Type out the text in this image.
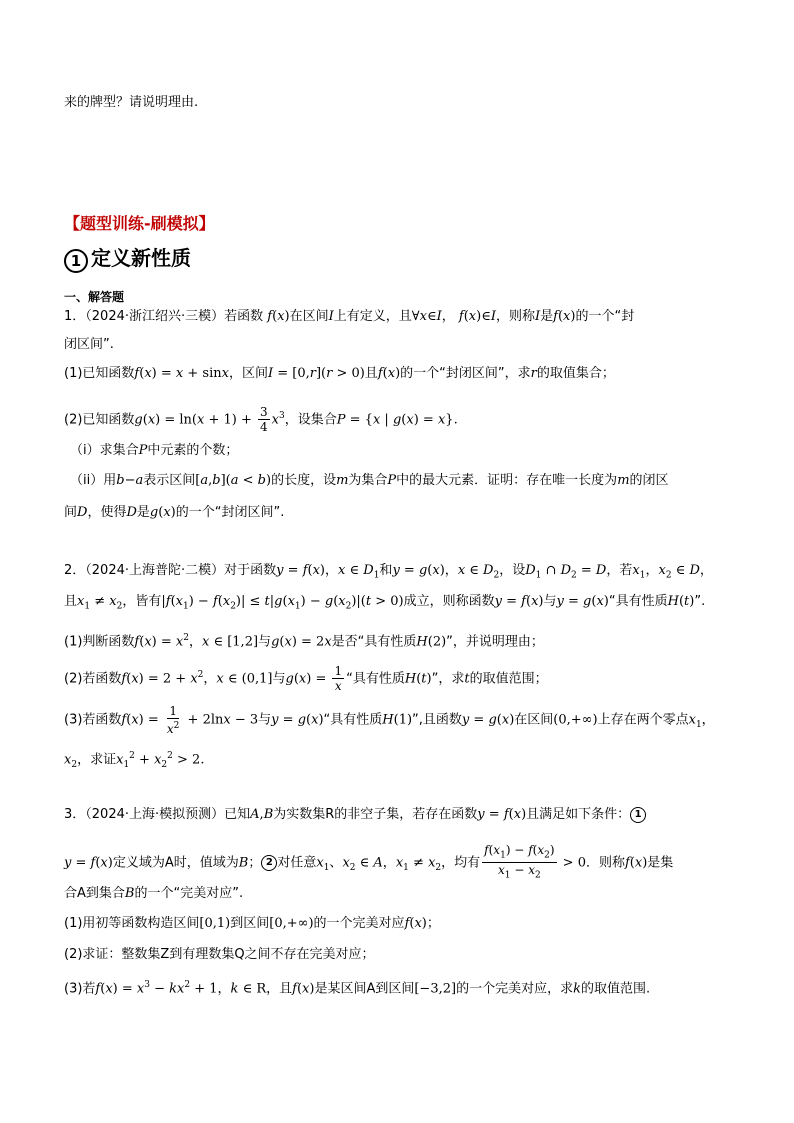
来的牌型？请说明理由.
【题型训练-刷模拟】
1 定义新性质
一、解答题
1．（2024·浙江绍兴·三模）若函数 f(x)在区间I上有定义，且∀x∈I， f(x)∈I，则称I是f(x)的一个“封
闭区间”.
(1)已知函数f(x) = x + sinx，区间I = [0,r](r > 0)且f(x)的一个“封闭区间”，求r的取值集合；
(2)已知函数$g(x) = \ln(x + 1) + \frac{3}{4} x^3$，设集合P = {x | g(x) = x}.
（i）求集合P中元素的个数；
（ii）用b−a表示区间[a,b](a < b)的长度，设m为集合P中的最大元素．证明：存在唯一长度为m的闭区
间D，使得D是g(x)的一个“封闭区间”.
2．（2024·上海普陀·二模）对于函数y = f(x)，x ∈ $D_1$和y = g(x)，x ∈ $D_2$，设$D_1$ ∩ $D_2 = D$，若$x_1$，$x_2$ ∈ D，
且$x_1 \ne x_2$，皆有$|f(x_1) - f(x_2)| \le t|g(x_1) - g(x_2)|(t > 0)$成立，则称函数y = f(x)与y = g(x)“具有性质H(t)”.
(1)判断函数$f(x) = x^2$，x ∈ [1,2]与g(x) = 2x是否“具有性质H(2)”，并说明理由；
(2)若函数$f(x) = 2 + x^2$，x ∈ (0,1]与$g(x) = \frac{1}{x}$ “具有性质H(t)”，求t的取值范围；
(3)若函数$f(x) = \frac{1}{x^2} + 2\ln x - 3$与y = g(x)“具有性质H(1)”,且函数y = g(x)在区间(0,+∞)上存在两个零点$x_1$，
$x_2$，求证$x_1^2 + x_2^2 > 2$.
3．（2024·上海·模拟预测）已知A,B为实数集R的非空子集，若存在函数y = f(x)且满足如下条件： 1
y = f(x)定义域为A时，值域为B； 2 对任意$x_1$、$x_2$ ∈ A，$x_1 \ne x_2$，均有 $\frac{f(x_1) - f(x_2)}{x_1 - x_2} > 0$．则称f(x)是集
合A到集合B的一个“完美对应”.
(1)用初等函数构造区间[0,1)到区间[0,+∞)的一个完美对应f(x)；
(2)求证：整数集Z到有理数集Q之间不存在完美对应；
(3)若$f(x) = x^3 - kx^2 + 1$，k ∈ R，且f(x)是某区间A到区间[−3,2]的一个完美对应，求k的取值范围.
